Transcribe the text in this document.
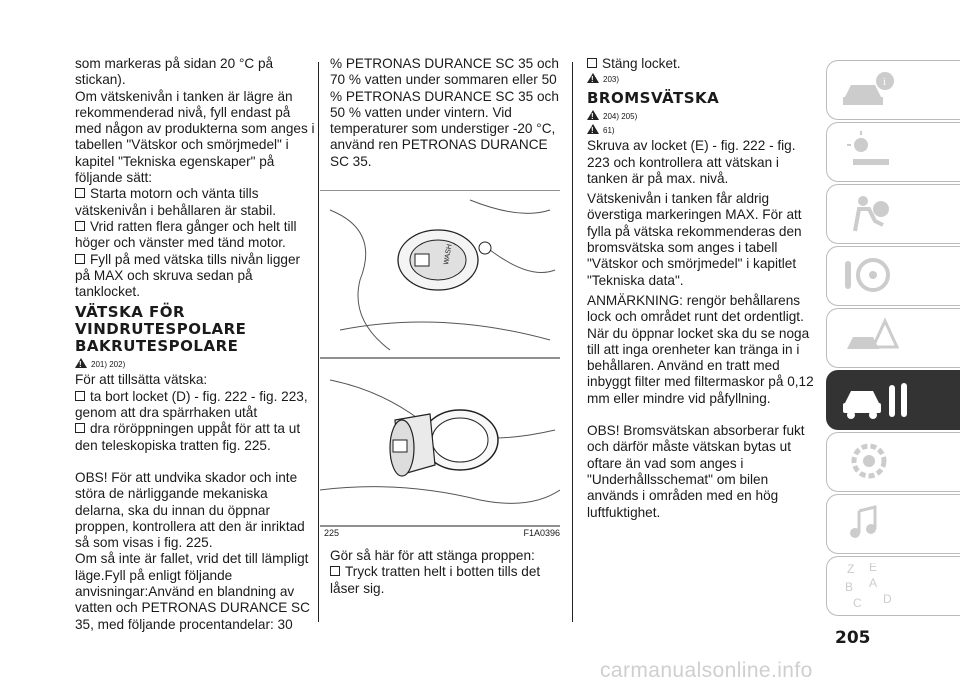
som markeras på sidan 20 °C på stickan).

Om vätskenivån i tanken är lägre än rekommenderad nivå, fyll endast på med någon av produkterna som anges i tabellen "Vätskor och smörjmedel" i kapitel "Tekniska egenskaper" på följande sätt:

Starta motorn och vänta tills vätskenivån i behållaren är stabil.

Vrid ratten flera gånger och helt till höger och vänster med tänd motor.

Fyll på med vätska tills nivån ligger på MAX och skruva sedan på tanklocket.

VÄTSKA FÖR VINDRUTESPOLARE BAKRUTESPOLARE
!201) 202)

För att tillsätta vätska:

ta bort locket (D) - fig. 222 - fig. 223, genom att dra spärrhaken utåt

dra röröppningen uppåt för att ta ut den teleskopiska tratten fig. 225.

OBS! För att undvika skador och inte störa de närliggande mekaniska delarna, ska du innan du öppnar proppen, kontrollera att den är inriktad så som visas i fig. 225.

Om så inte är fallet, vrid det till lämpligt läge.Fyll på enligt följande anvisningar:Använd en blandning av vatten och PETRONAS DURANCE SC 35, med följande procentandelar: 30

% PETRONAS DURANCE SC 35 och 70 % vatten under sommaren eller 50 % PETRONAS DURANCE SC 35 och 50 % vatten under vintern. Vid temperaturer som understiger -20 °C, använd ren PETRONAS DURANCE SC 35.

WASH
225	F1A0396

Gör så här för att stänga proppen:

Tryck tratten helt i botten tills det låser sig.

Stäng locket.

!203)
BROMSVÄTSKA
!204) 205)
!61)

Skruva av locket (E) - fig. 222 - fig. 223 och kontrollera att vätskan i tanken är på max. nivå.

Vätskenivån i tanken får aldrig överstiga markeringen MAX. För att fylla på vätska rekommenderas den bromsvätska som anges i tabell "Vätskor och smörjmedel" i kapitlet "Tekniska data".

ANMÄRKNING: rengör behållarens lock och området runt det ordentligt. När du öppnar locket ska du se noga till att inga orenheter kan tränga in i behållaren. Använd en tratt med inbyggt filter med filtermaskor på 0,12 mm eller mindre vid påfyllning.

OBS! Bromsvätskan absorberar fukt och därför måste vätskan bytas ut oftare än vad som anges i "Underhållsschemat" om bilen används i områden med en hög luftfuktighet.

i
Z E
B A
C D
205
carmanualsonline.info
